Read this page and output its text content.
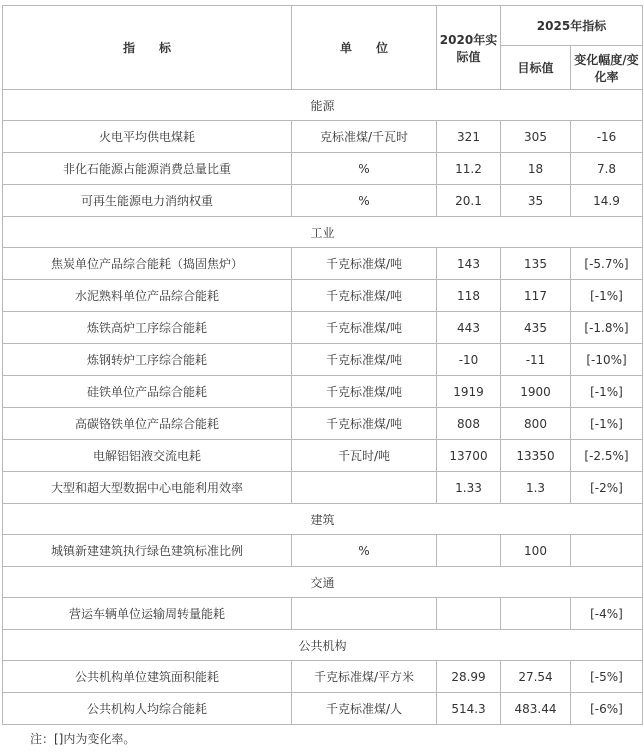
指　　标	单　　位	2020年实际值	2025年指标	
			目标值	变化幅度/变化率
能源				
火电平均供电煤耗	克标准煤/千瓦时	321	305	-16
非化石能源占能源消费总量比重	%	11.2	18	7.8
可再生能源电力消纳权重	%	20.1	35	14.9
工业				
焦炭单位产品综合能耗（捣固焦炉）	千克标准煤/吨	143	135	[-5.7%]
水泥熟料单位产品综合能耗	千克标准煤/吨	118	117	[-1%]
炼铁高炉工序综合能耗	千克标准煤/吨	443	435	[-1.8%]
炼钢转炉工序综合能耗	千克标准煤/吨	-10	-11	[-10%]
硅铁单位产品综合能耗	千克标准煤/吨	1919	1900	[-1%]
高碳铬铁单位产品综合能耗	千克标准煤/吨	808	800	[-1%]
电解铝铝液交流电耗	千瓦时/吨	13700	13350	[-2.5%]
大型和超大型数据中心电能利用效率		1.33	1.3	[-2%]
建筑				
城镇新建建筑执行绿色建筑标准比例	%		100	
交通				
营运车辆单位运输周转量能耗				[-4%]
公共机构				
公共机构单位建筑面积能耗	千克标准煤/平方米	28.99	27.54	[-5%]
公共机构人均综合能耗	千克标准煤/人	514.3	483.44	[-6%]
注：[]内为变化率。
